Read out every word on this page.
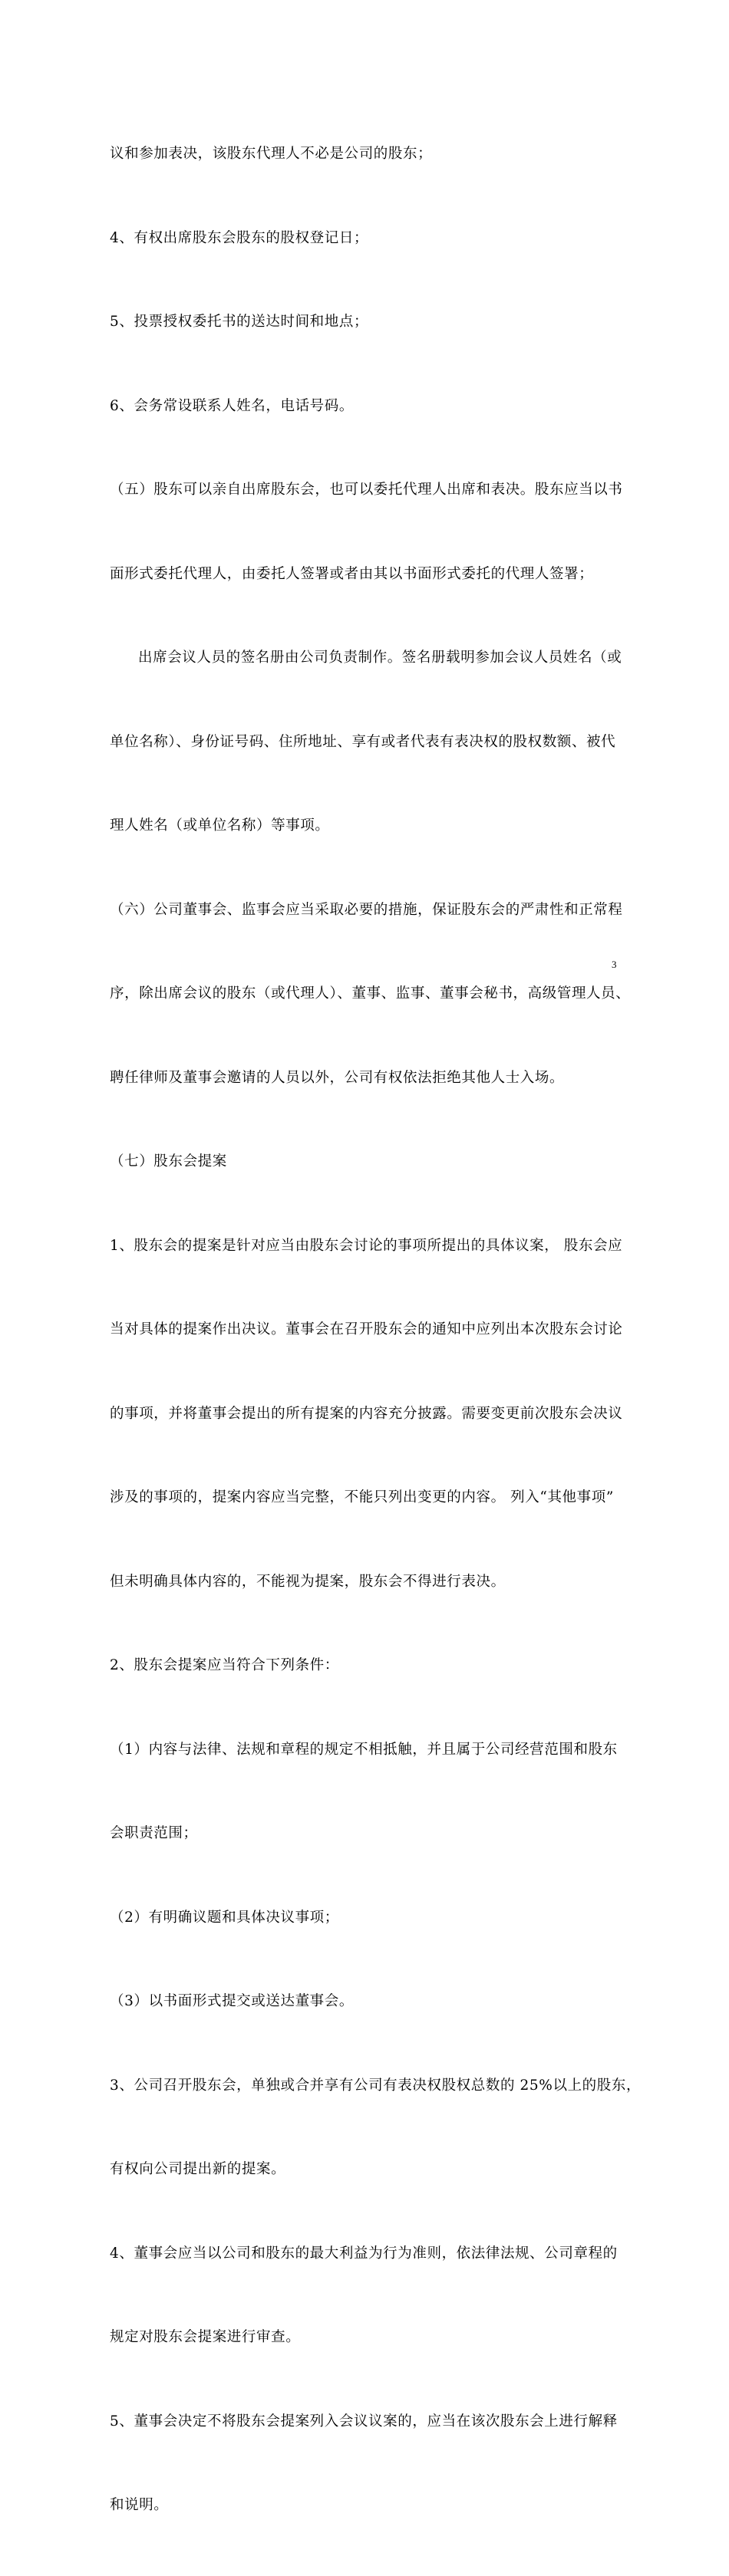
议和参加表决，该股东代理人不必是公司的股东；

4、有权出席股东会股东的股权登记日；

5、投票授权委托书的送达时间和地点；

6、会务常设联系人姓名，电话号码。

（五）股东可以亲自出席股东会，也可以委托代理人出席和表决。股东应当以书

面形式委托代理人，由委托人签署或者由其以书面形式委托的代理人签署；

出席会议人员的签名册由公司负责制作。签名册载明参加会议人员姓名（或

单位名称）、身份证号码、住所地址、享有或者代表有表决权的股权数额、被代

理人姓名（或单位名称）等事项。

（六）公司董事会、监事会应当采取必要的措施，保证股东会的严肃性和正常程

序，除出席会议的股东（或代理人）、董事、监事、董事会秘书，高级管理人员、

聘任律师及董事会邀请的人员以外，公司有权依法拒绝其他人士入场。

（七）股东会提案

1、股东会的提案是针对应当由股东会讨论的事项所提出的具体议案， 股东会应

当对具体的提案作出决议。董事会在召开股东会的通知中应列出本次股东会讨论

的事项，并将董事会提出的所有提案的内容充分披露。需要变更前次股东会决议

涉及的事项的，提案内容应当完整，不能只列出变更的内容。 列入“其他事项”

但未明确具体内容的，不能视为提案，股东会不得进行表决。

2、股东会提案应当符合下列条件：

（1）内容与法律、法规和章程的规定不相抵触，并且属于公司经营范围和股东

会职责范围；

（2）有明确议题和具体决议事项；

（3）以书面形式提交或送达董事会。

3、公司召开股东会，单独或合并享有公司有表决权股权总数的 25%以上的股东，

有权向公司提出新的提案。

4、董事会应当以公司和股东的最大利益为行为准则，依法律法规、公司章程的

规定对股东会提案进行审查。

5、董事会决定不将股东会提案列入会议议案的，应当在该次股东会上进行解释

和说明。

3
